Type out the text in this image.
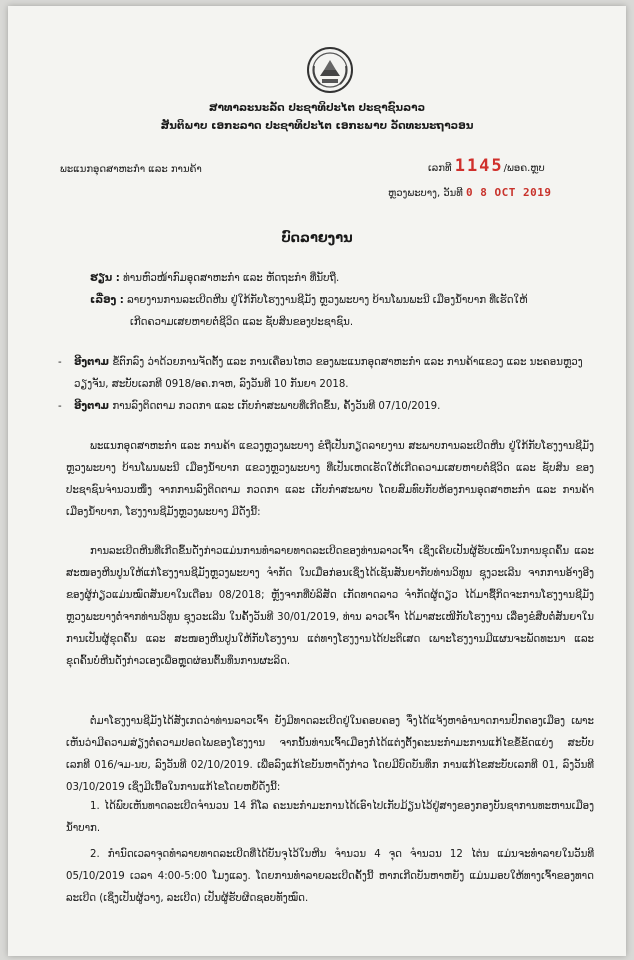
ສາທາລະນະລັດ ປະຊາທິປະໄຕ ປະຊາຊົນລາວ
ສັນຕິພາບ ເອກະລາດ ປະຊາທິປະໄຕ ເອກະພາບ ວັດທະນະຖາວອນ
ພະແນກອຸດສາຫະກຳ ແລະ ການຄ້າ	ເລກທີ 1145/ພອຄ.ຫຼບ
ຫຼວງພະບາງ, ວັນທີ 0 8 OCT 2019
ບົດລາຍງານ
ຮຽນ : ທ່ານຫົວໜ້າກົມອຸດສາຫະກຳ ແລະ ຫັດຖະກຳ ທີ່ນັບຖື.
ເລື່ອງ : ລາຍງານການລະເບີດຫີນ ຢູ່ໃກ້ກັບໂຮງງານຊີມັງ ຫຼວງພະບາງ ບ້ານໂພນພະນີ ເມືອງນ້ຳບາກ ທີ່ເຮັດໃຫ້
ເກີດຄວາມເສຍຫາຍຕໍ່ຊີວິດ ແລະ ຊັບສິນຂອງປະຊາຊົນ.
- ອີງຕາມ ຂໍ້ຕົກລົງ ວ່າດ້ວຍການຈັດຕັ້ງ ແລະ ການເຄື່ອນໄຫວ ຂອງພະແນກອຸດສາຫະກຳ ແລະ ການຄ້າແຂວງ ແລະ ນະຄອນຫຼວງວຽງຈັນ, ສະບັບເລກທີ 0918/ອຄ.ກຈຫ, ລົງວັນທີ 10 ກັນຍາ 2018.
- ອີງຕາມ ການລົງຕິດຕາມ ກວດກາ ແລະ ເກັບກຳສະພາບທີ່ເກີດຂຶ້ນ, ຄັ້ງວັນທີ 07/10/2019.
ພະແນກອຸດສາຫະກຳ ແລະ ການຄ້າ ແຂວງຫຼວງພະບາງ ຂໍຖືເປັນກຽດລາຍງານ ສະພາບການລະເບີດຫີນ ຢູ່ໃກ້ກັບໂຮງງານຊີມັງ ຫຼວງພະບາງ ບ້ານໂພນພະນີ ເມືອງນ້ຳບາກ ແຂວງຫຼວງພະບາງ ທີ່ເປັນເຫດເຮັດໃຫ້ເກີດຄວາມເສຍຫາຍຕໍ່ຊີວິດ ແລະ ຊັບສິນ ຂອງປະຊາຊົນຈຳນວນໜຶ່ງ ຈາກການລົງຕິດຕາມ ກວດກາ ແລະ ເກັບກຳສະພາບ ໂດຍສົມທົບກັບຫ້ອງການອຸດສາຫະກຳ ແລະ ການຄ້າເມືອງນ້ຳບາກ, ໂຮງງານຊີມັງຫຼວງພະບາງ ມີດັ່ງນີ້:
ການລະເບີດຫີນທີ່ເກີດຂຶ້ນດັ່ງກ່າວແມ່ນການທຳລາຍທາດລະເບີດຂອງທ່ານລາວເຈົ້າ ເຊິ່ງເຄີຍເປັນຜູ້ຮັບເໝົາໃນການຂຸດຄົ້ນ ແລະ ສະໜອງຫີນປູນໃຫ້ແກ່ໂຮງງານຊີມັງຫຼວງພະບາງ ຈຳກັດ ໃນເມື່ອກ່ອນເຊິ່ງໄດ້ເຊັນສັນຍາກັບທ່ານວິທູນ ຊຸງວະເລີນ ຈາກການອ້າງອີງຂອງຜູ້ກ່ຽວແມ່ນໝົດສັນຍາໃນເດືອນ 08/2018; ຫຼັງຈາກທີ່ບໍລິສັດ ເກັດທາດລາວ ຈຳກັດຜູ້ດຽວ ໄດ້ມາຊື້ກິດຈະການໂຮງງານຊີມັງຫຼວງພະບາງຕໍ່ຈາກທ່ານວິທູນ ຊຸງວະເລີນ ໃນຄັ້ງວັນທີ 30/01/2019, ທ່ານ ລາວເຈົ້າ ໄດ້ມາສະເໜີກັບໂຮງງານ ເລື່ອງຂໍສືບຕໍ່ສັນຍາໃນການເປັນຜູ້ຂຸດຄົ້ນ ແລະ ສະໜອງຫີນປູນໃຫ້ກັບໂຮງງານ ແຕ່ທາງໂຮງງານໄດ້ປະຕິເສດ ເພາະໂຮງງານມີແຜນຈະພັດທະນາ ແລະ ຂຸດຄົ້ນບໍ່ຫີນດັ່ງກ່າວເອງເພື່ອຫຼຸດຜ່ອນຕົ້ນທຶນການຜະລິດ.
ຕໍ່ມາໂຮງງານຊີມັງໄດ້ສັງເກດວ່າທ່ານລາວເຈົ້າ ຍັງມີທາດລະເບີດຢູ່ໃນຄອບຄອງ ຈຶ່ງໄດ້ແຈ້ງຫາອຳນາດການປົກຄອງເມືອງ ເພາະເຫັນວ່າມີຄວາມສ່ຽງຕໍ່ຄວາມປອດໄພຂອງໂຮງງານ ຈາກນັ້ນທ່ານເຈົ້າເມືອງກໍ່ໄດ້ແຕ່ງຕັ້ງຄະນະກຳມະການແກ້ໄຂຂໍ້ຂັດແຍ່ງ ສະບັບເລກທີ 016/ຈມ-ນບ, ລົງວັນທີ 02/10/2019. ເພື່ອລົງແກ້ໄຂບັນຫາດັ່ງກ່າວ ໂດຍມີບົດບັນທຶກ ການແກ້ໄຂສະບັບເລກທີ 01, ລົງວັນທີ 03/10/2019 ເຊິ່ງມີເນື້ອໃນການແກ້ໄຂໂດຍຫຍໍ້ດັ່ງນີ້:
1. ໄດ້ພົບເຫັນທາດລະເບີດຈຳນວນ 14 ກິໂລ ຄະນະກຳມະການໄດ້ເອົາໄປເກັບມ້ຽນໄວ້ຢູ່ສາງຂອງກອງບັນຊາການທະຫານເມືອງນ້ຳບາກ.
2. ກຳນົດເວລາຈຸດທຳລາຍທາດລະເບີດທີ່ໄດ້ບັນຈຸໄວ້ໃນຫີນ ຈຳນວນ 4 ຈຸດ ຈຳນວນ 12 ໄຕ່ນ ແມ່ນຈະທຳລາຍໃນວັນທີ 05/10/2019 ເວລາ 4:00-5:00 ໂມງແລງ. ໂດຍການທຳລາຍລະເບີດຄັ້ງນີ້ ຫາກເກີດບັນຫາຫຍັງ ແມ່ນມອບໃຫ້ທາງເຈົ້າຂອງທາດລະເບີດ (ເຊິ່ງເປັນຜູ້ວາງ, ລະເບີດ) ເປັນຜູ້ຮັບຜິດຊອບທັງໝົດ.
